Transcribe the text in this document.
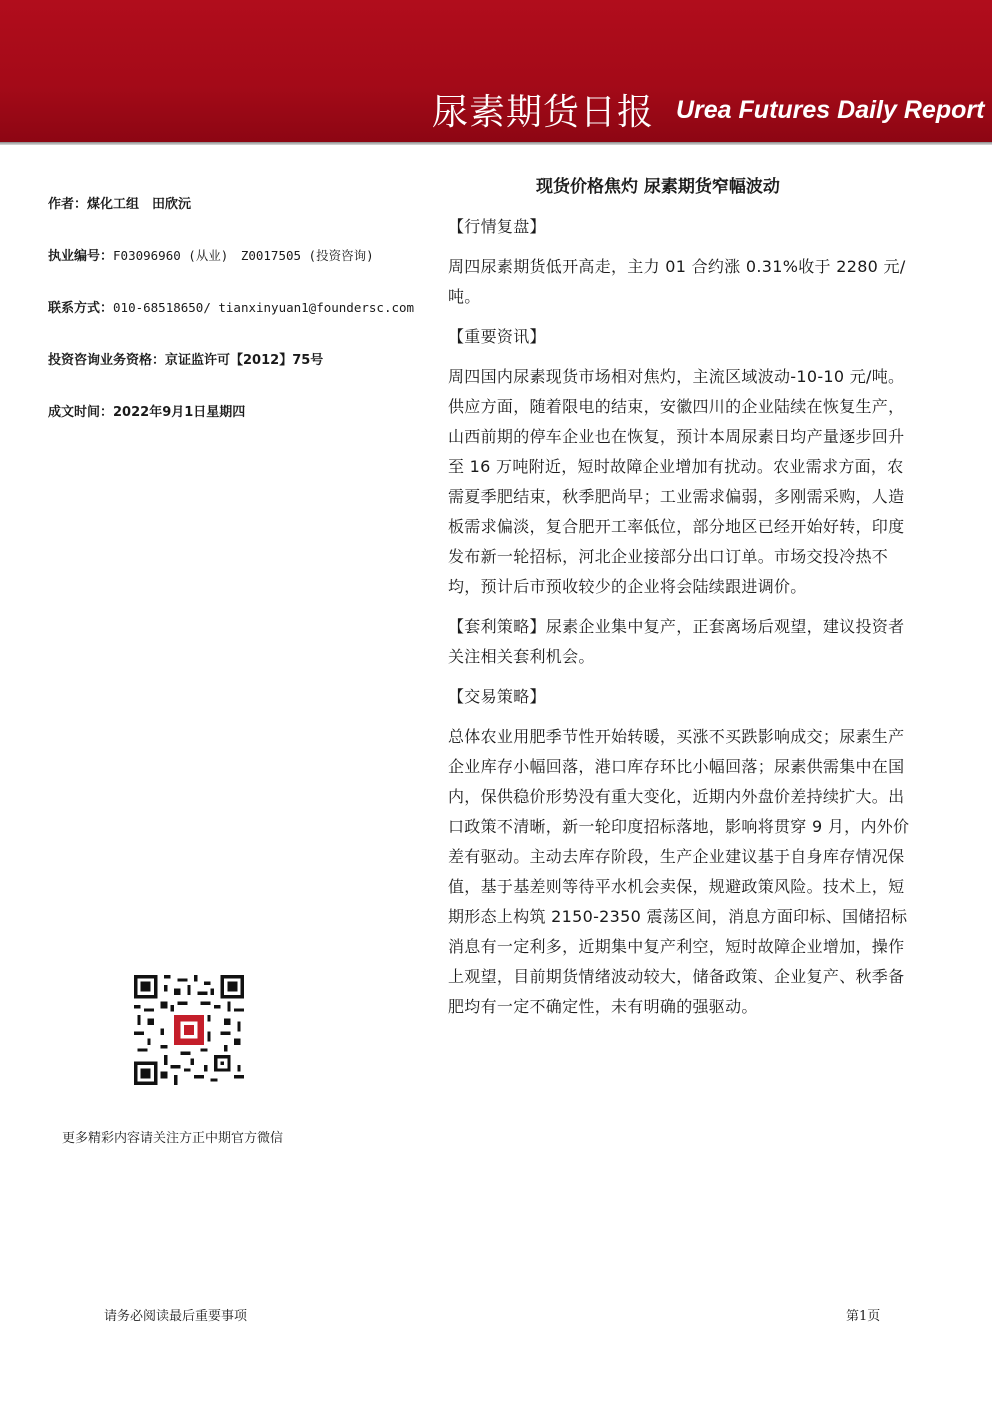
尿素期货日报 Urea Futures Daily Report
作者：煤化工组　田欣沅
执业编号：F03096960 (从业)　Z0017505 (投资咨询)
联系方式：010-68518650/ tianxinyuan1@foundersc.com
投资咨询业务资格：京证监许可【2012】75号
成文时间：2022年9月1日星期四
现货价格焦灼 尿素期货窄幅波动

【行情复盘】

周四尿素期货低开高走，主力 01 合约涨 0.31%收于 2280 元/吨。

【重要资讯】

周四国内尿素现货市场相对焦灼，主流区域波动-10-10 元/吨。供应方面，随着限电的结束，安徽四川的企业陆续在恢复生产，山西前期的停车企业也在恢复，预计本周尿素日均产量逐步回升至 16 万吨附近，短时故障企业增加有扰动。农业需求方面，农需夏季肥结束，秋季肥尚早；工业需求偏弱，多刚需采购，人造板需求偏淡，复合肥开工率低位，部分地区已经开始好转，印度发布新一轮招标，河北企业接部分出口订单。市场交投冷热不均，预计后市预收较少的企业将会陆续跟进调价。

【套利策略】尿素企业集中复产，正套离场后观望，建议投资者关注相关套利机会。

【交易策略】

总体农业用肥季节性开始转暖，买涨不买跌影响成交；尿素生产企业库存小幅回落，港口库存环比小幅回落；尿素供需集中在国内，保供稳价形势没有重大变化，近期内外盘价差持续扩大。出口政策不清晰，新一轮印度招标落地，影响将贯穿 9 月，内外价差有驱动。主动去库存阶段，生产企业建议基于自身库存情况保值，基于基差则等待平水机会卖保，规避政策风险。技术上，短期形态上构筑 2150-2350 震荡区间，消息方面印标、国储招标消息有一定利多，近期集中复产利空，短时故障企业增加，操作上观望，目前期货情绪波动较大，储备政策、企业复产、秋季备肥均有一定不确定性，未有明确的强驱动。

更多精彩内容请关注方正中期官方微信
请务必阅读最后重要事项	第1页
